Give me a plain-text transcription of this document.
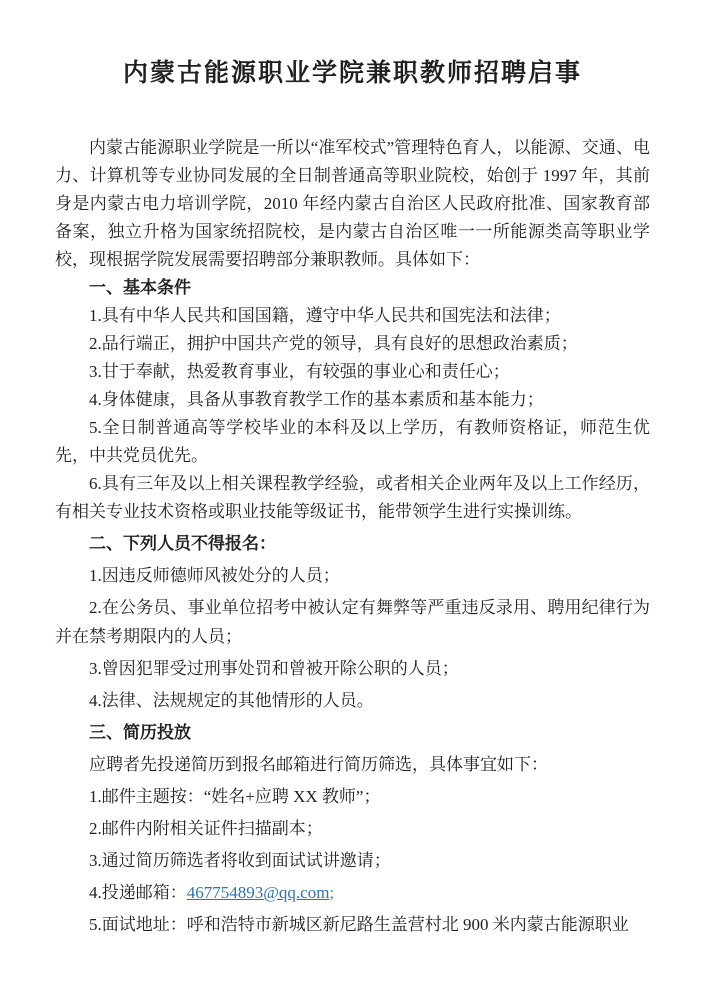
内蒙古能源职业学院兼职教师招聘启事

内蒙古能源职业学院是一所以“准军校式”管理特色育人，以能源、交通、电力、计算机等专业协同发展的全日制普通高等职业院校，始创于 1997 年，其前身是内蒙古电力培训学院，2010 年经内蒙古自治区人民政府批准、国家教育部备案，独立升格为国家统招院校，是内蒙古自治区唯一一所能源类高等职业学校，现根据学院发展需要招聘部分兼职教师。具体如下：

一、基本条件

1.具有中华人民共和国国籍，遵守中华人民共和国宪法和法律；

2.品行端正，拥护中国共产党的领导，具有良好的思想政治素质；

3.甘于奉献，热爱教育事业，有较强的事业心和责任心；

4.身体健康，具备从事教育教学工作的基本素质和基本能力；

5.全日制普通高等学校毕业的本科及以上学历，有教师资格证，师范生优先，中共党员优先。

6.具有三年及以上相关课程教学经验，或者相关企业两年及以上工作经历，有相关专业技术资格或职业技能等级证书，能带领学生进行实操训练。

二、下列人员不得报名：

1.因违反师德师风被处分的人员；

2.在公务员、事业单位招考中被认定有舞弊等严重违反录用、聘用纪律行为并在禁考期限内的人员；

3.曾因犯罪受过刑事处罚和曾被开除公职的人员；

4.法律、法规规定的其他情形的人员。

三、简历投放

应聘者先投递简历到报名邮箱进行简历筛选，具体事宜如下：

1.邮件主题按：“姓名+应聘 XX 教师”；

2.邮件内附相关证件扫描副本；

3.通过简历筛选者将收到面试试讲邀请；

4.投递邮箱：467754893@qq.com;

5.面试地址：呼和浩特市新城区新尼路生盖营村北 900 米内蒙古能源职业
